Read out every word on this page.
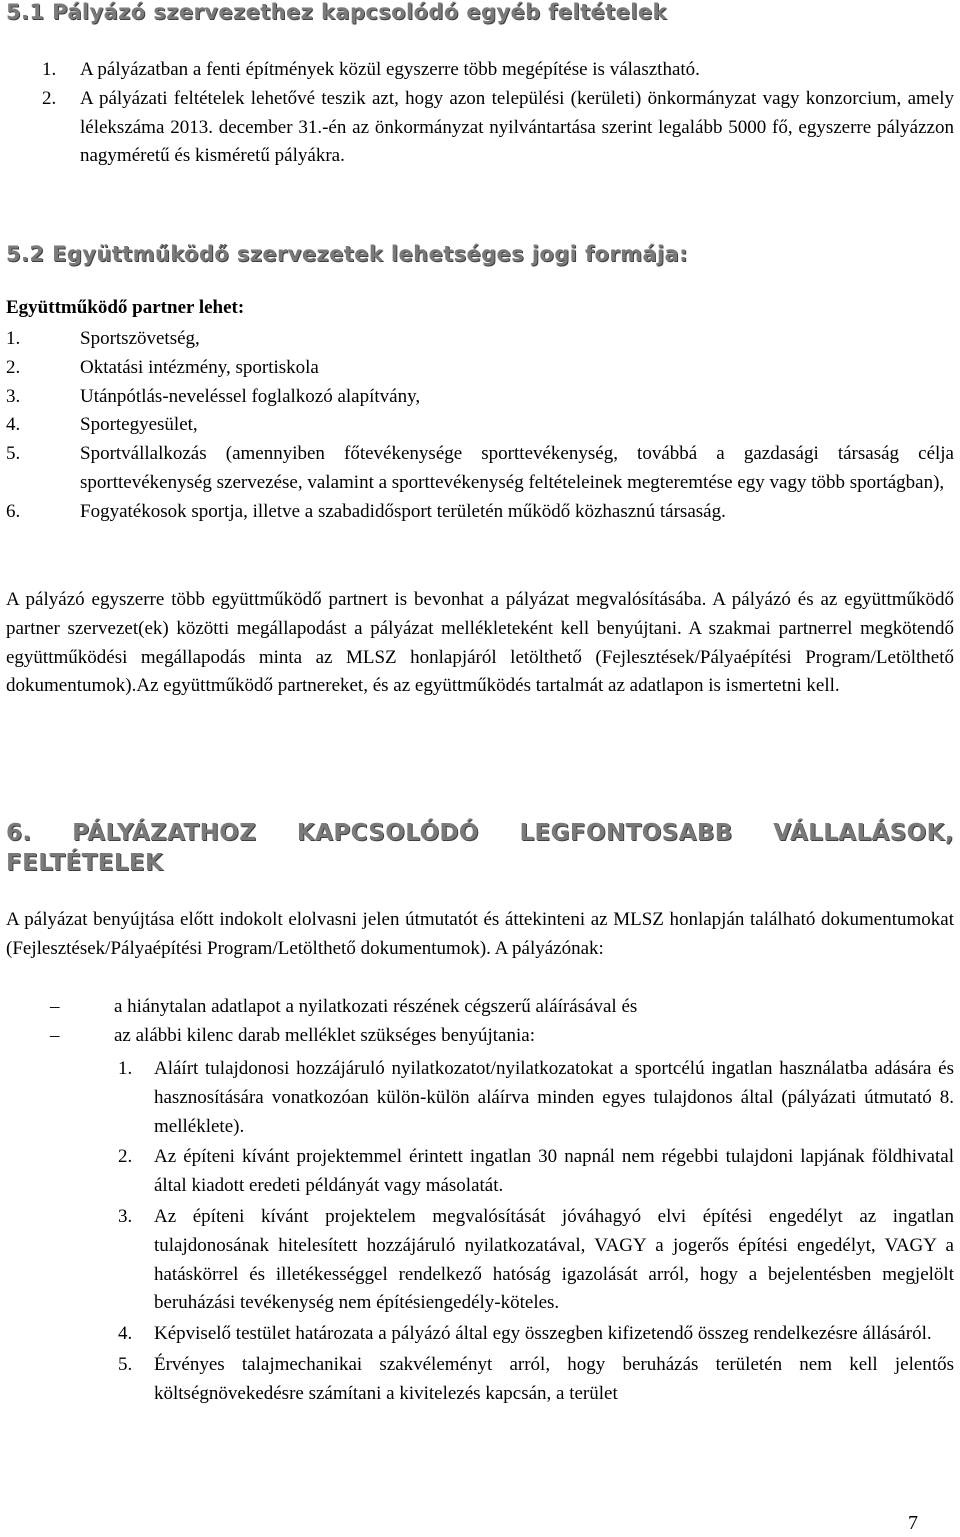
5.1 Pályázó szervezethez kapcsolódó egyéb feltételek
1. A pályázatban a fenti építmények közül egyszerre több megépítése is választható.
2. A pályázati feltételek lehetővé teszik azt, hogy azon települési (kerületi) önkormányzat vagy konzorcium, amely lélekszáma 2013. december 31.-én az önkormányzat nyilvántartása szerint legalább 5000 fő, egyszerre pályázzon nagyméretű és kisméretű pályákra.
5.2 Együttműködő szervezetek lehetséges jogi formája:
Együttműködő partner lehet:
1.	Sportszövetség,
2.	Oktatási intézmény, sportiskola
3.	Utánpótlás-neveléssel foglalkozó alapítvány,
4.	Sportegyesület,
5.	Sportvállalkozás (amennyiben főtevékenysége sporttevékenység, továbbá a gazdasági társaság célja sporttevékenység szervezése, valamint a sporttevékenység feltételeinek megteremtése egy vagy több sportágban),
6.	Fogyatékosok sportja, illetve a szabadidősport területén működő közhasznú társaság.

A pályázó egyszerre több együttműködő partnert is bevonhat a pályázat megvalósításába. A pályázó és az együttműködő partner szervezet(ek) közötti megállapodást a pályázat mellékleteként kell benyújtani. A szakmai partnerrel megkötendő együttműködési megállapodás minta az MLSZ honlapjáról letölthető (Fejlesztések/Pályaépítési Program/Letölthető dokumentumok).Az együttműködő partnereket, és az együttműködés tartalmát az adatlapon is ismertetni kell.

6. PÁLYÁZATHOZ KAPCSOLÓDÓ LEGFONTOSABB VÁLLALÁSOK, FELTÉTELEK

A pályázat benyújtása előtt indokolt elolvasni jelen útmutatót és áttekinteni az MLSZ honlapján található dokumentumokat (Fejlesztések/Pályaépítési Program/Letölthető dokumentumok). A pályázónak:

–	a hiánytalan adatlapot a nyilatkozati részének cégszerű aláírásával és
–	az alábbi kilenc darab melléklet szükséges benyújtania:
1. Aláírt tulajdonosi hozzájáruló nyilatkozatot/nyilatkozatokat a sportcélú ingatlan használatba adására és hasznosítására vonatkozóan külön-külön aláírva minden egyes tulajdonos által (pályázati útmutató 8. melléklete).
2. Az építeni kívánt projektemmel érintett ingatlan 30 napnál nem régebbi tulajdoni lapjának földhivatal által kiadott eredeti példányát vagy másolatát.
3. Az építeni kívánt projektelem megvalósítását jóváhagyó elvi építési engedélyt az ingatlan tulajdonosának hitelesített hozzájáruló nyilatkozatával, VAGY a jogerős építési engedélyt, VAGY a hatáskörrel és illetékességgel rendelkező hatóság igazolását arról, hogy a bejelentésben megjelölt beruházási tevékenység nem építésiengedély-köteles.
4. Képviselő testület határozata a pályázó által egy összegben kifizetendő összeg rendelkezésre állásáról.
5. Érvényes talajmechanikai szakvéleményt arról, hogy beruházás területén nem kell jelentős költségnövekedésre számítani a kivitelezés kapcsán, a terület
7
